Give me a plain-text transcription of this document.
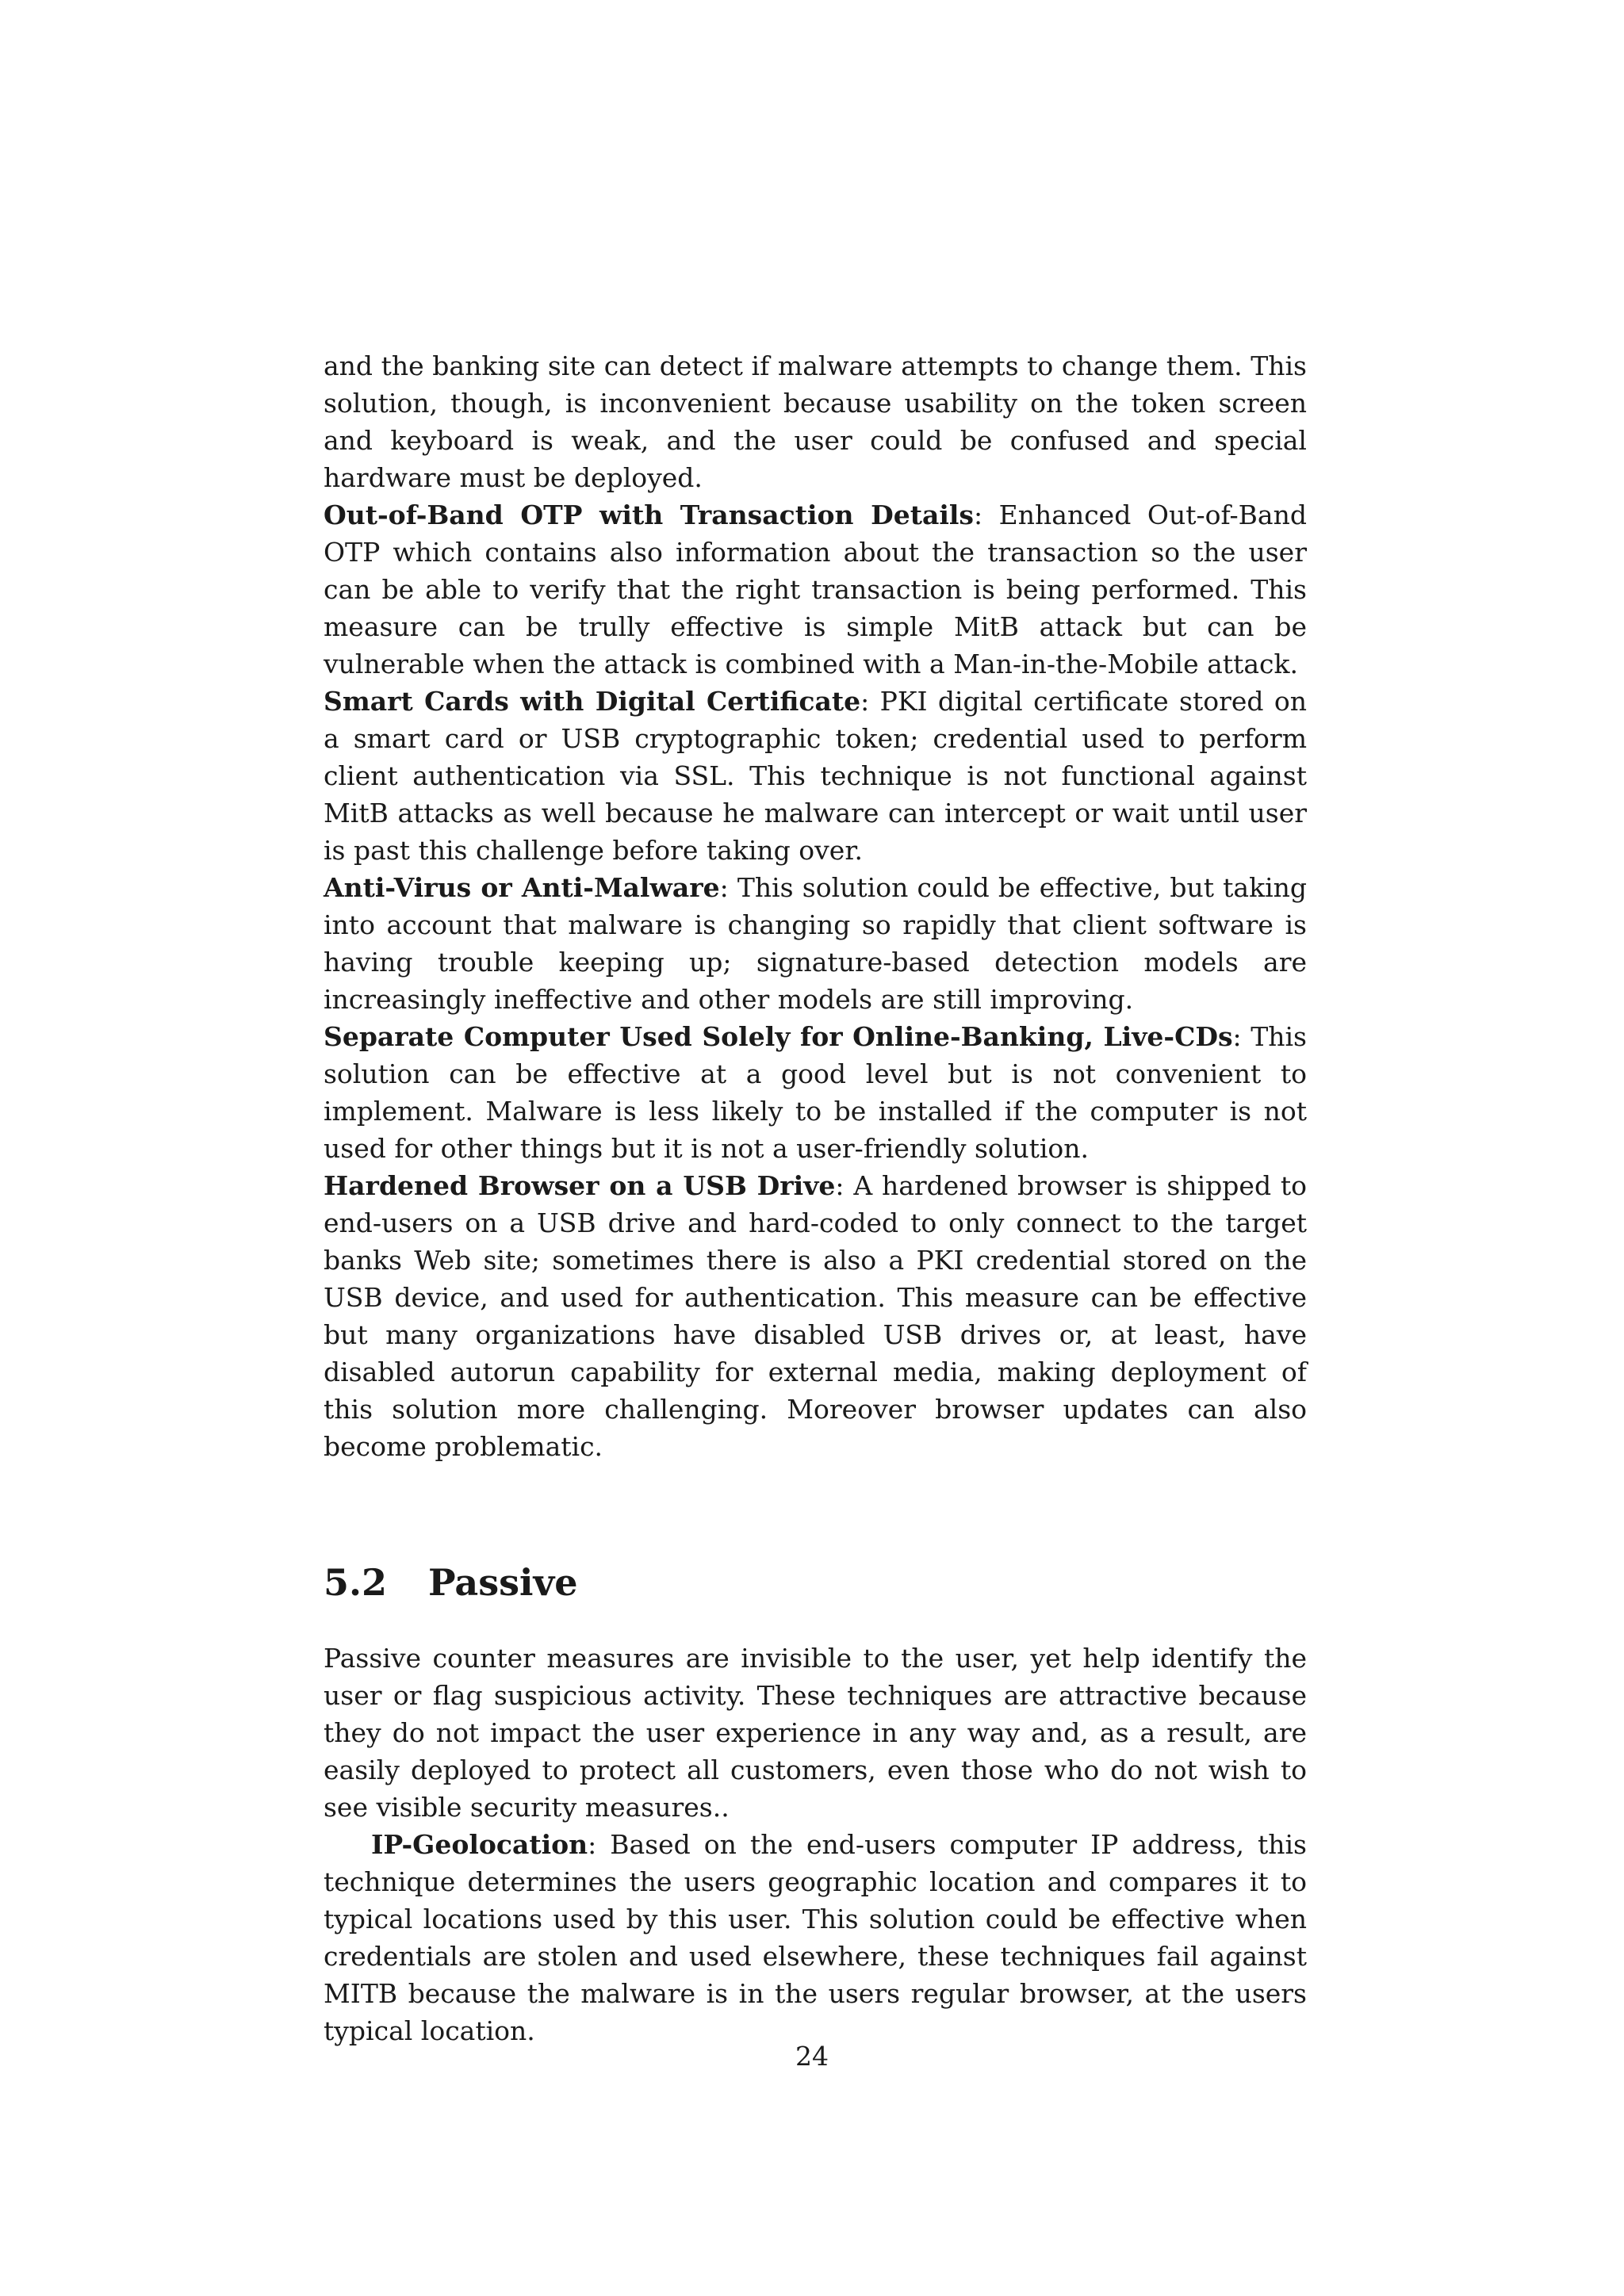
and the banking site can detect if malware attempts to change them. This solution, though, is inconvenient because usability on the token screen and keyboard is weak, and the user could be confused and special hardware must be deployed.

Out-of-Band OTP with Transaction Details: Enhanced Out-of-Band OTP which contains also information about the transaction so the user can be able to verify that the right transaction is being performed. This measure can be trully effective is simple MitB attack but can be vulnerable when the attack is combined with a Man-in-the-Mobile attack.

Smart Cards with Digital Certificate: PKI digital certificate stored on a smart card or USB cryptographic token; credential used to perform client authentication via SSL. This technique is not functional against MitB attacks as well because he malware can intercept or wait until user is past this challenge before taking over.

Anti-Virus or Anti-Malware: This solution could be effective, but taking into account that malware is changing so rapidly that client software is having trouble keeping up; signature-based detection models are increasingly ineffective and other models are still improving.

Separate Computer Used Solely for Online-Banking, Live-CDs: This solution can be effective at a good level but is not convenient to implement. Malware is less likely to be installed if the computer is not used for other things but it is not a user-friendly solution.

Hardened Browser on a USB Drive: A hardened browser is shipped to end-users on a USB drive and hard-coded to only connect to the target banks Web site; sometimes there is also a PKI credential stored on the USB device, and used for authentication. This measure can be effective but many organizations have disabled USB drives or, at least, have disabled autorun capability for external media, making deployment of this solution more challenging. Moreover browser updates can also become problematic.

5.2 Passive

Passive counter measures are invisible to the user, yet help identify the user or flag suspicious activity. These techniques are attractive because they do not impact the user experience in any way and, as a result, are easily deployed to protect all customers, even those who do not wish to see visible security measures..

IP-Geolocation: Based on the end-users computer IP address, this technique determines the users geographic location and compares it to typical locations used by this user. This solution could be effective when credentials are stolen and used elsewhere, these techniques fail against MITB because the malware is in the users regular browser, at the users typical location.

24
